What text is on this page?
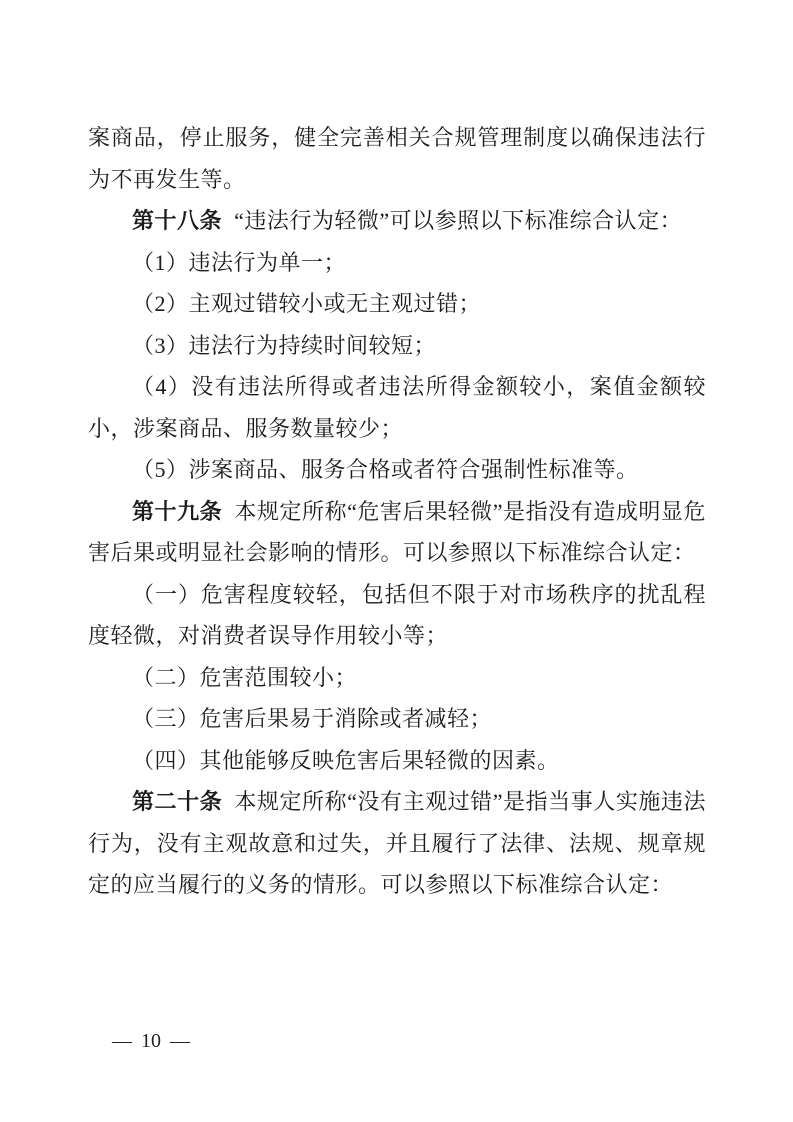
案商品，停止服务，健全完善相关合规管理制度以确保违法行为不再发生等。

第十八条 “违法行为轻微”可以参照以下标准综合认定：

（1）违法行为单一；

（2）主观过错较小或无主观过错；

（3）违法行为持续时间较短；

（4）没有违法所得或者违法所得金额较小，案值金额较小，涉案商品、服务数量较少；

（5）涉案商品、服务合格或者符合强制性标准等。

第十九条 本规定所称“危害后果轻微”是指没有造成明显危害后果或明显社会影响的情形。可以参照以下标准综合认定：

（一）危害程度较轻，包括但不限于对市场秩序的扰乱程度轻微，对消费者误导作用较小等；

（二）危害范围较小；

（三）危害后果易于消除或者减轻；

（四）其他能够反映危害后果轻微的因素。

第二十条 本规定所称“没有主观过错”是指当事人实施违法行为，没有主观故意和过失，并且履行了法律、法规、规章规定的应当履行的义务的情形。可以参照以下标准综合认定：

— 10 —
